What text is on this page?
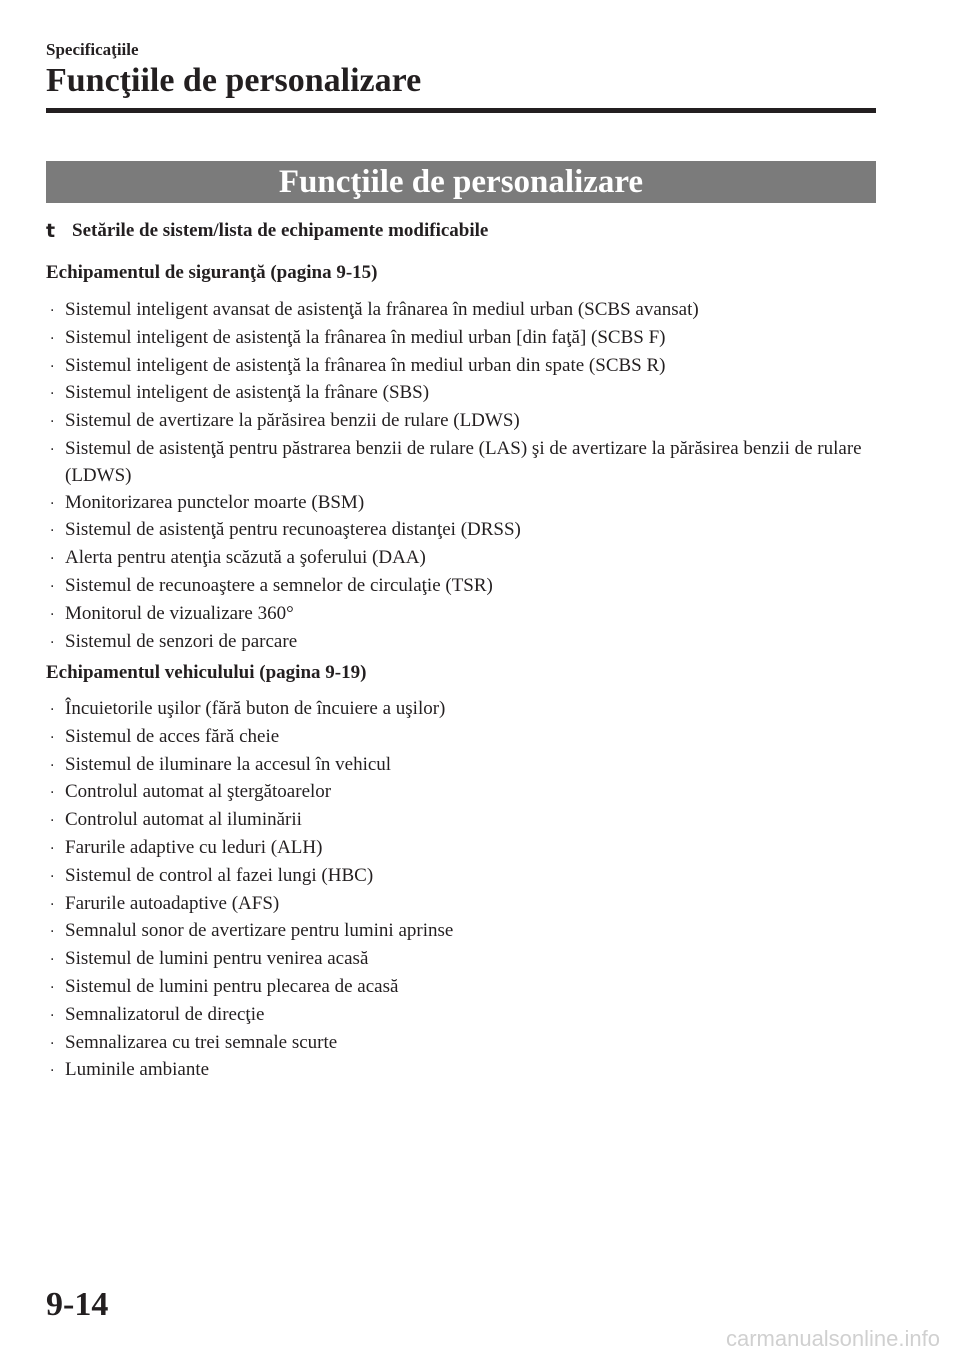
Specificaţiile
Funcţiile de personalizare
Funcţiile de personalizare
t Setările de sistem/lista de echipamente modificabile
Echipamentul de siguranţă (pagina 9-15)
· Sistemul inteligent avansat de asistenţă la frânarea în mediul urban (SCBS avansat)
· Sistemul inteligent de asistenţă la frânarea în mediul urban [din faţă] (SCBS F)
· Sistemul inteligent de asistenţă la frânarea în mediul urban din spate (SCBS R)
· Sistemul inteligent de asistenţă la frânare (SBS)
· Sistemul de avertizare la părăsirea benzii de rulare (LDWS)
· Sistemul de asistenţă pentru păstrarea benzii de rulare (LAS) şi de avertizare la părăsirea benzii de rulare (LDWS)
· Monitorizarea punctelor moarte (BSM)
· Sistemul de asistenţă pentru recunoaşterea distanţei (DRSS)
· Alerta pentru atenţia scăzută a şoferului (DAA)
· Sistemul de recunoaştere a semnelor de circulaţie (TSR)
· Monitorul de vizualizare 360°
· Sistemul de senzori de parcare
Echipamentul vehiculului (pagina 9-19)
· Încuietorile uşilor (fără buton de încuiere a uşilor)
· Sistemul de acces fără cheie
· Sistemul de iluminare la accesul în vehicul
· Controlul automat al ştergătoarelor
· Controlul automat al iluminării
· Farurile adaptive cu leduri (ALH)
· Sistemul de control al fazei lungi (HBC)
· Farurile autoadaptive (AFS)
· Semnalul sonor de avertizare pentru lumini aprinse
· Sistemul de lumini pentru venirea acasă
· Sistemul de lumini pentru plecarea de acasă
· Semnalizatorul de direcţie
· Semnalizarea cu trei semnale scurte
· Luminile ambiante
9-14
carmanualsonline.info
